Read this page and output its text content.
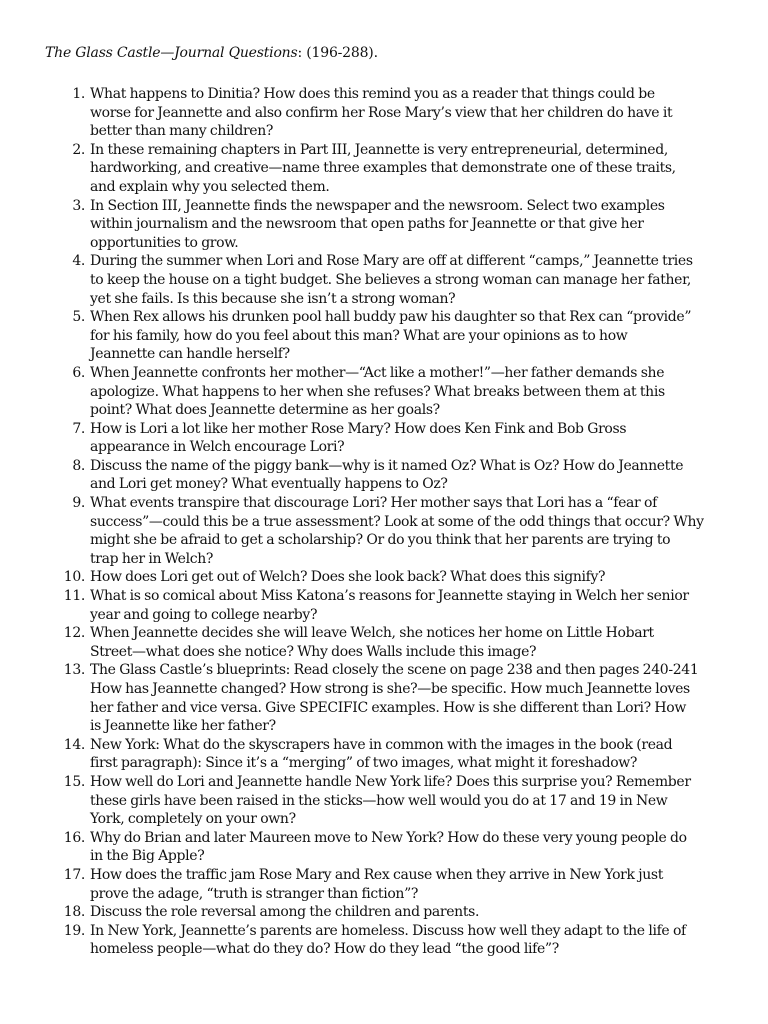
The Glass Castle—Journal Questions: (196-288).

1. What happens to Dinitia? How does this remind you as a reader that things could be
worse for Jeannette and also confirm her Rose Mary’s view that her children do have it
better than many children?
2. In these remaining chapters in Part III, Jeannette is very entrepreneurial, determined,
hardworking, and creative—name three examples that demonstrate one of these traits,
and explain why you selected them.
3. In Section III, Jeannette finds the newspaper and the newsroom. Select two examples
within journalism and the newsroom that open paths for Jeannette or that give her
opportunities to grow.
4. During the summer when Lori and Rose Mary are off at different “camps,” Jeannette tries
to keep the house on a tight budget. She believes a strong woman can manage her father,
yet she fails. Is this because she isn’t a strong woman?
5. When Rex allows his drunken pool hall buddy paw his daughter so that Rex can “provide”
for his family, how do you feel about this man? What are your opinions as to how
Jeannette can handle herself?
6. When Jeannette confronts her mother—“Act like a mother!”—her father demands she
apologize. What happens to her when she refuses? What breaks between them at this
point? What does Jeannette determine as her goals?
7. How is Lori a lot like her mother Rose Mary? How does Ken Fink and Bob Gross
appearance in Welch encourage Lori?
8. Discuss the name of the piggy bank—why is it named Oz? What is Oz? How do Jeannette
and Lori get money? What eventually happens to Oz?
9. What events transpire that discourage Lori? Her mother says that Lori has a “fear of
success”—could this be a true assessment? Look at some of the odd things that occur? Why
might she be afraid to get a scholarship? Or do you think that her parents are trying to
trap her in Welch?
10. How does Lori get out of Welch? Does she look back? What does this signify?
11. What is so comical about Miss Katona’s reasons for Jeannette staying in Welch her senior
year and going to college nearby?
12. When Jeannette decides she will leave Welch, she notices her home on Little Hobart
Street—what does she notice? Why does Walls include this image?
13. The Glass Castle’s blueprints: Read closely the scene on page 238 and then pages 240-241
How has Jeannette changed? How strong is she?—be specific. How much Jeannette loves
her father and vice versa. Give SPECIFIC examples. How is she different than Lori? How
is Jeannette like her father?
14. New York: What do the skyscrapers have in common with the images in the book (read
first paragraph): Since it’s a “merging” of two images, what might it foreshadow?
15. How well do Lori and Jeannette handle New York life? Does this surprise you? Remember
these girls have been raised in the sticks—how well would you do at 17 and 19 in New
York, completely on your own?
16. Why do Brian and later Maureen move to New York? How do these very young people do
in the Big Apple?
17. How does the traffic jam Rose Mary and Rex cause when they arrive in New York just
prove the adage, “truth is stranger than fiction”?
18. Discuss the role reversal among the children and parents.
19. In New York, Jeannette’s parents are homeless. Discuss how well they adapt to the life of
homeless people—what do they do? How do they lead “the good life”?
